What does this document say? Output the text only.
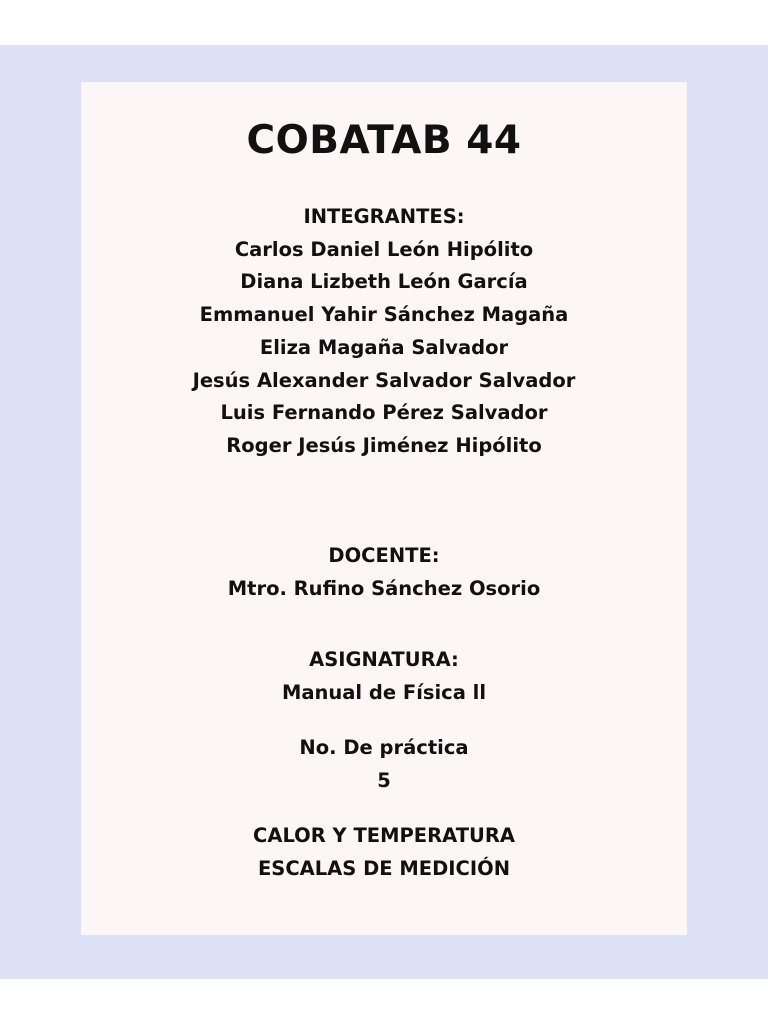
COBATAB 44
INTEGRANTES:
Carlos Daniel León Hipólito
Diana Lizbeth León García
Emmanuel Yahir Sánchez Magaña
Eliza Magaña Salvador
Jesús Alexander Salvador Salvador
Luis Fernando Pérez Salvador
Roger Jesús Jiménez Hipólito
DOCENTE:
Mtro. Rufino Sánchez Osorio
ASIGNATURA:
Manual de Física ll
No. De práctica
5
CALOR Y TEMPERATURA
ESCALAS DE MEDICIÓN
